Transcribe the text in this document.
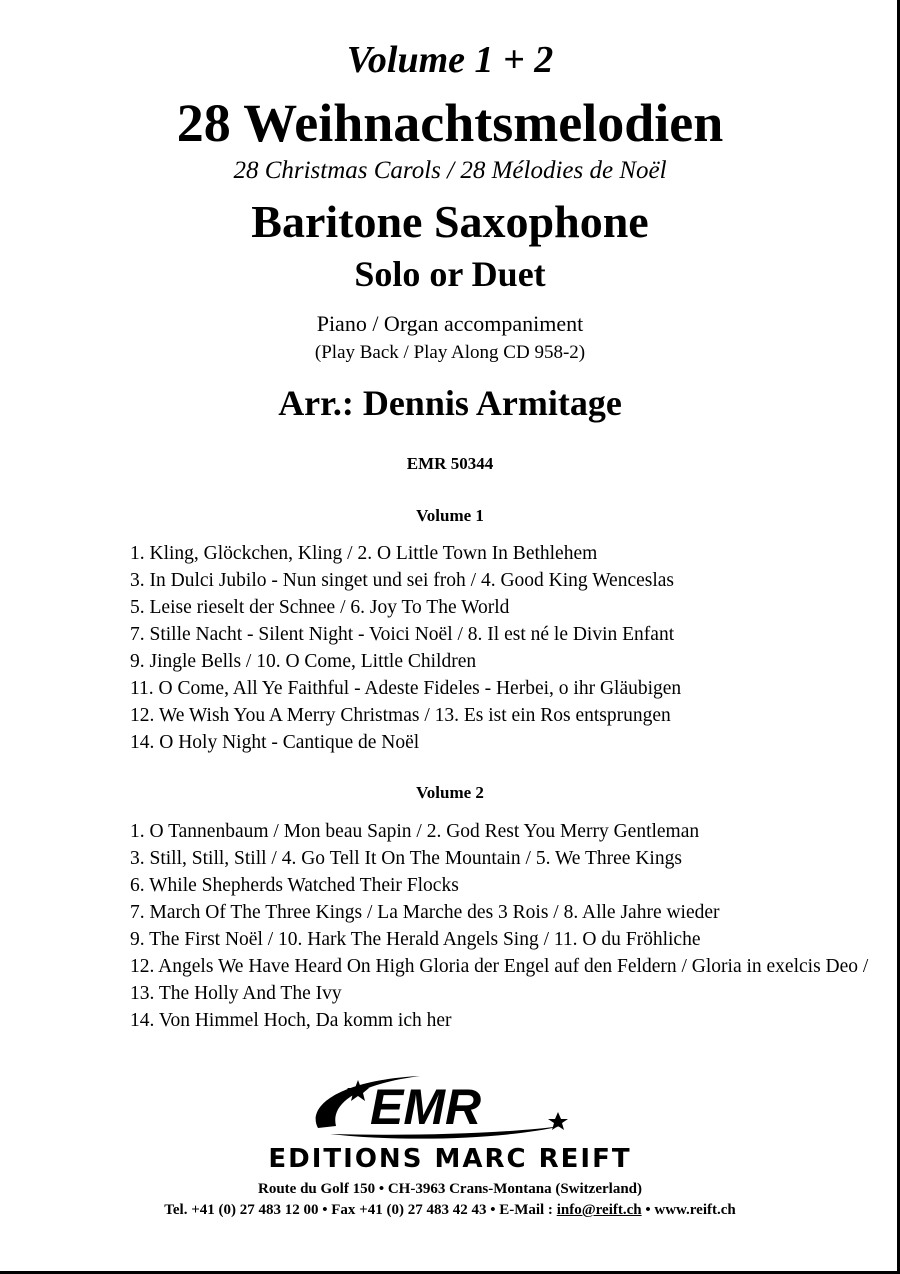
Volume 1 + 2
28 Weihnachtsmelodien
28 Christmas Carols / 28 Mélodies de Noël
Baritone Saxophone
Solo or Duet
Piano / Organ accompaniment
(Play Back / Play Along CD 958-2)
Arr.: Dennis Armitage
EMR 50344
Volume 1
1. Kling, Glöckchen, Kling / 2. O Little Town In Bethlehem
3. In Dulci Jubilo - Nun singet und sei froh / 4. Good King Wenceslas
5. Leise rieselt der Schnee / 6. Joy To The World
7. Stille Nacht - Silent Night - Voici Noël / 8. Il est né le Divin Enfant
9. Jingle Bells / 10. O Come, Little Children
11. O Come, All Ye Faithful - Adeste Fideles - Herbei, o ihr Gläubigen
12. We Wish You A Merry Christmas / 13. Es ist ein Ros entsprungen
14. O Holy Night - Cantique de Noël
Volume 2
1. O Tannenbaum / Mon beau Sapin / 2. God Rest You Merry Gentleman
3. Still, Still, Still / 4. Go Tell It On The Mountain / 5. We Three Kings
6. While Shepherds Watched Their Flocks
7. March Of The Three Kings / La Marche des 3 Rois / 8. Alle Jahre wieder
9. The First Noël / 10. Hark The Herald Angels Sing / 11. O du Fröhliche
12. Angels We Have Heard On High Gloria der Engel auf den Feldern / Gloria in exelcis Deo / 13. The Holly And The Ivy
14. Von Himmel Hoch, Da komm ich her
EMR
EDITIONS MARC REIFT
Route du Golf 150 • CH-3963 Crans-Montana (Switzerland)
Tel. +41 (0) 27 483 12 00 • Fax +41 (0) 27 483 42 43 • E-Mail : info@reift.ch • www.reift.ch
